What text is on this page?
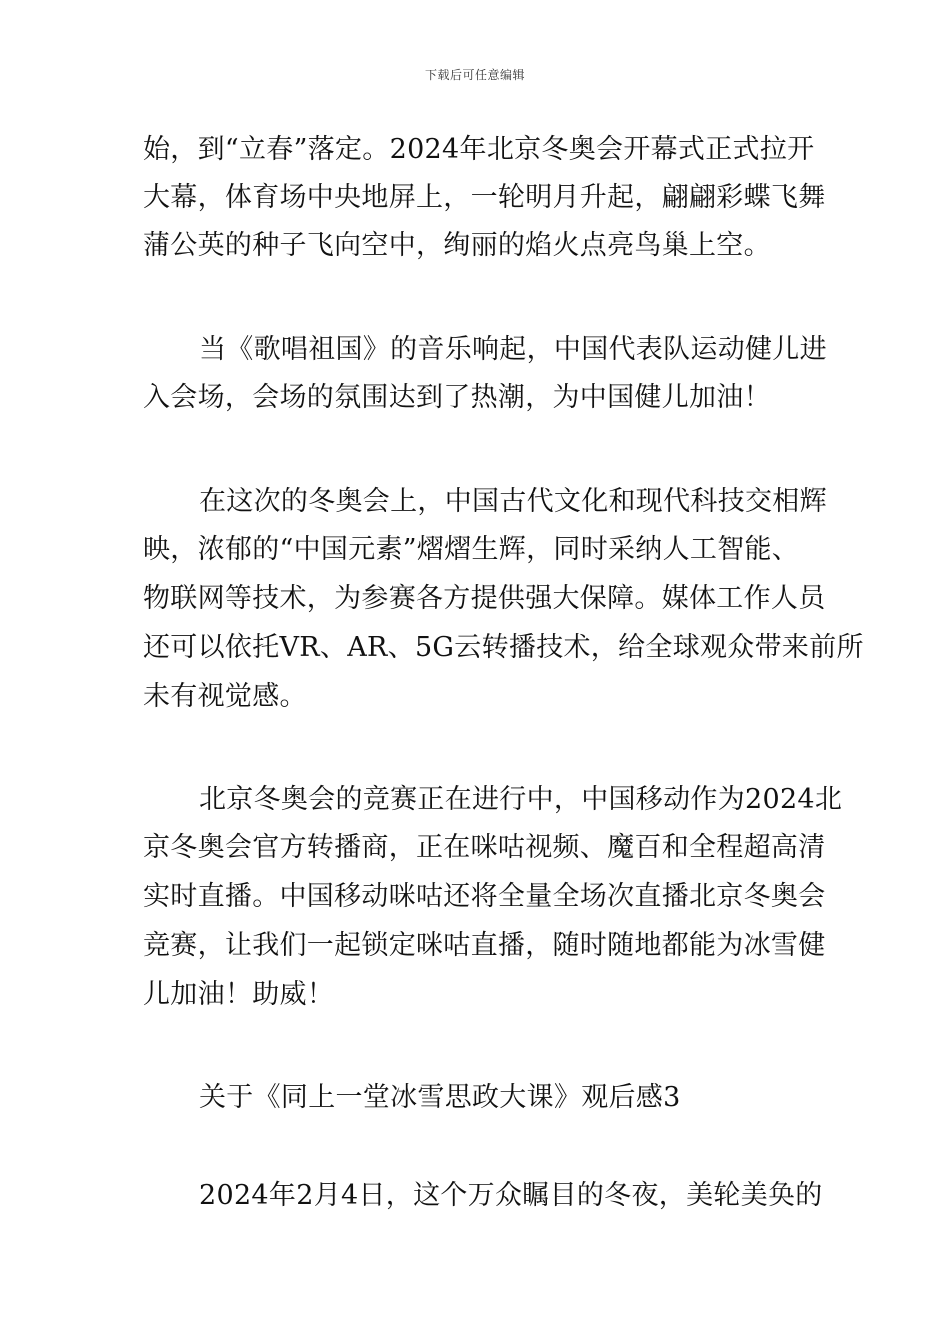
下载后可任意编辑
始，到“立春”落定。2024年北京冬奥会开幕式正式拉开
大幕，体育场中央地屏上，一轮明月升起，翩翩彩蝶飞舞
蒲公英的种子飞向空中，绚丽的焰火点亮鸟巢上空。
当《歌唱祖国》的音乐响起，中国代表队运动健儿进
入会场，会场的氛围达到了热潮，为中国健儿加油！
在这次的冬奥会上，中国古代文化和现代科技交相辉
映，浓郁的“中国元素”熠熠生辉，同时采纳人工智能、
物联网等技术，为参赛各方提供强大保障。媒体工作人员
还可以依托VR、AR、5G云转播技术，给全球观众带来前所
未有视觉感。
北京冬奥会的竞赛正在进行中，中国移动作为2024北
京冬奥会官方转播商，正在咪咕视频、魔百和全程超高清
实时直播。中国移动咪咕还将全量全场次直播北京冬奥会
竞赛，让我们一起锁定咪咕直播，随时随地都能为冰雪健
儿加油！助威！
关于《同上一堂冰雪思政大课》观后感3
2024年2月4日，这个万众瞩目的冬夜，美轮美奂的
